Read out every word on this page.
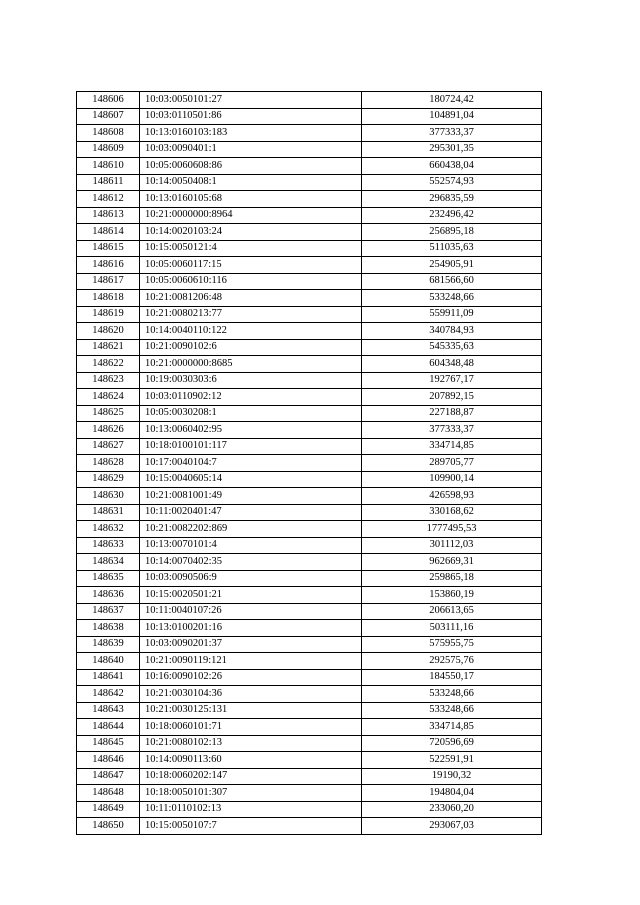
148606	10:03:0050101:27	180724,42
148607	10:03:0110501:86	104891,04
148608	10:13:0160103:183	377333,37
148609	10:03:0090401:1	295301,35
148610	10:05:0060608:86	660438,04
148611	10:14:0050408:1	552574,93
148612	10:13:0160105:68	296835,59
148613	10:21:0000000:8964	232496,42
148614	10:14:0020103:24	256895,18
148615	10:15:0050121:4	511035,63
148616	10:05:0060117:15	254905,91
148617	10:05:0060610:116	681566,60
148618	10:21:0081206:48	533248,66
148619	10:21:0080213:77	559911,09
148620	10:14:0040110:122	340784,93
148621	10:21:0090102:6	545335,63
148622	10:21:0000000:8685	604348,48
148623	10:19:0030303:6	192767,17
148624	10:03:0110902:12	207892,15
148625	10:05:0030208:1	227188,87
148626	10:13:0060402:95	377333,37
148627	10:18:0100101:117	334714,85
148628	10:17:0040104:7	289705,77
148629	10:15:0040605:14	109900,14
148630	10:21:0081001:49	426598,93
148631	10:11:0020401:47	330168,62
148632	10:21:0082202:869	1777495,53
148633	10:13:0070101:4	301112,03
148634	10:14:0070402:35	962669,31
148635	10:03:0090506:9	259865,18
148636	10:15:0020501:21	153860,19
148637	10:11:0040107:26	206613,65
148638	10:13:0100201:16	503111,16
148639	10:03:0090201:37	575955,75
148640	10:21:0090119:121	292575,76
148641	10:16:0090102:26	184550,17
148642	10:21:0030104:36	533248,66
148643	10:21:0030125:131	533248,66
148644	10:18:0060101:71	334714,85
148645	10:21:0080102:13	720596,69
148646	10:14:0090113:60	522591,91
148647	10:18:0060202:147	19190,32
148648	10:18:0050101:307	194804,04
148649	10:11:0110102:13	233060,20
148650	10:15:0050107:7	293067,03
